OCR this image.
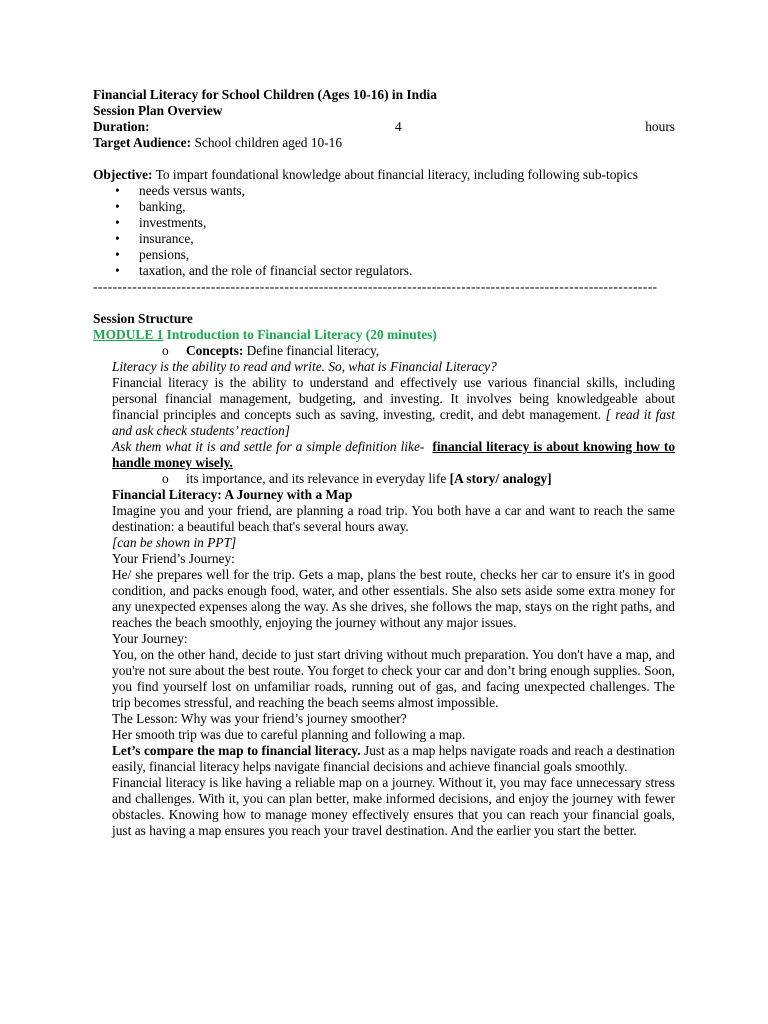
Financial Literacy for School Children (Ages 10-16) in India
Session Plan Overview
Duration:	4	hours
Target Audience: School children aged 10-16
Objective: To impart foundational knowledge about financial literacy, including following sub-topics
• needs versus wants,
• banking,
• investments,
• insurance,
• pensions,
• taxation, and the role of financial sector regulators.
-------------------------------------------------------------------------------------------------------------------
Session Structure
MODULE 1 Introduction to Financial Literacy (20 minutes)
o Concepts: Define financial literacy,
Literacy is the ability to read and write. So, what is Financial Literacy?
Financial literacy is the ability to understand and effectively use various financial skills, including personal financial management, budgeting, and investing. It involves being knowledgeable about financial principles and concepts such as saving, investing, credit, and debt management. [ read it fast and ask check students’ reaction]
Ask them what it is and settle for a simple definition like- financial literacy is about knowing how to handle money wisely.
o its importance, and its relevance in everyday life [A story/ analogy]
Financial Literacy: A Journey with a Map
Imagine you and your friend, are planning a road trip. You both have a car and want to reach the same destination: a beautiful beach that's several hours away.
[can be shown in PPT]
Your Friend’s Journey:
He/ she prepares well for the trip. Gets a map, plans the best route, checks her car to ensure it's in good condition, and packs enough food, water, and other essentials. She also sets aside some extra money for any unexpected expenses along the way. As she drives, she follows the map, stays on the right paths, and reaches the beach smoothly, enjoying the journey without any major issues.
Your Journey:
You, on the other hand, decide to just start driving without much preparation. You don't have a map, and you're not sure about the best route. You forget to check your car and don’t bring enough supplies. Soon, you find yourself lost on unfamiliar roads, running out of gas, and facing unexpected challenges. The trip becomes stressful, and reaching the beach seems almost impossible.
The Lesson: Why was your friend’s journey smoother?
Her smooth trip was due to careful planning and following a map.
Let’s compare the map to financial literacy. Just as a map helps navigate roads and reach a destination easily, financial literacy helps navigate financial decisions and achieve financial goals smoothly.
Financial literacy is like having a reliable map on a journey. Without it, you may face unnecessary stress and challenges. With it, you can plan better, make informed decisions, and enjoy the journey with fewer obstacles. Knowing how to manage money effectively ensures that you can reach your financial goals, just as having a map ensures you reach your travel destination. And the earlier you start the better.
